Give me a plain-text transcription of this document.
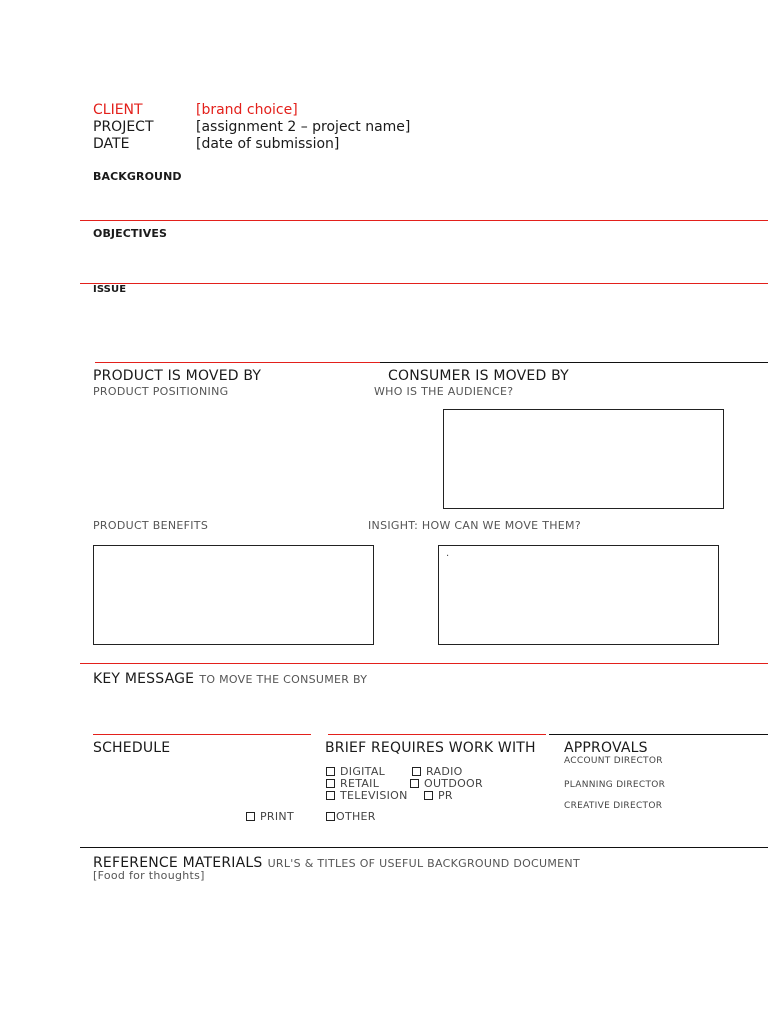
CLIENT	[brand choice]
PROJECT	[assignment 2 – project name]
DATE	[date of submission]
BACKGROUND
OBJECTIVES
ISSUE
PRODUCT IS MOVED BY
PRODUCT POSITIONING
CONSUMER IS MOVED BY
WHO IS THE AUDIENCE?
PRODUCT BENEFITS	INSIGHT: HOW CAN WE MOVE THEM?
.
KEY MESSAGE TO MOVE THE CONSUMER BY
SCHEDULE	BRIEF REQUIRES WORK WITH
DIGITAL	RADIO
RETAIL	OUTDOOR
TELEVISION	PR
PRINT	OTHER
APPROVALS
ACCOUNT DIRECTOR
PLANNING DIRECTOR
CREATIVE DIRECTOR
REFERENCE MATERIALS URL'S & TITLES OF USEFUL BACKGROUND DOCUMENT
[Food for thoughts]
